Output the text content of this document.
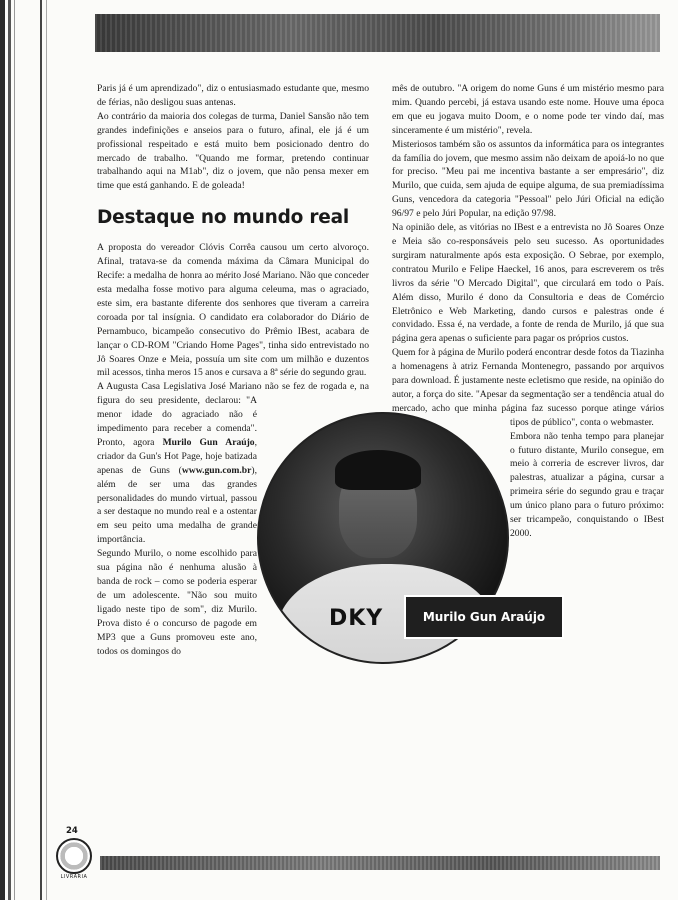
Paris já é um aprendizado", diz o entusiasmado estudante que, mesmo de férias, não desligou suas antenas.

Ao contrário da maioria dos colegas de turma, Daniel Sansão não tem grandes indefinições e anseios para o futuro, afinal, ele já é um profissional respeitado e está muito bem posicionado dentro do mercado de trabalho. "Quando me formar, pretendo continuar trabalhando aqui na M1ab", diz o jovem, que não pensa mexer em time que está ganhando. E de goleada!

Destaque no mundo real

A proposta do vereador Clóvis Corrêa causou um certo alvoroço. Afinal, tratava-se da comenda máxima da Câmara Municipal do Recife: a medalha de honra ao mérito José Mariano. Não que conceder esta medalha fosse motivo para alguma celeuma, mas o agraciado, este sim, era bastante diferente dos senhores que tiveram a carreira coroada por tal insígnia. O candidato era colaborador do Diário de Pernambuco, bicampeão consecutivo do Prêmio IBest, acabara de lançar o CD-ROM "Criando Home Pages", tinha sido entrevistado no Jô Soares Onze e Meia, possuía um site com um milhão e duzentos mil acessos, tinha meros 15 anos e cursava a 8ª série do segundo grau.

A Augusta Casa Legislativa José Mariano não se fez de rogada e, na figura do seu presidente, declarou: "A menor idade do agraciado não é impedimento para receber a comenda". Pronto, agora Murilo Gun Araújo, criador da Gun's Hot Page, hoje batizada apenas de Guns (www.gun.com.br), além de ser uma das grandes personalidades do mundo virtual, passou a ser destaque no mundo real e a ostentar em seu peito uma medalha de grande importância.

Segundo Murilo, o nome escolhido para sua página não é nenhuma alusão à banda de rock – como se poderia esperar de um adolescente. "Não sou muito ligado neste tipo de som", diz Murilo. Prova disto é o concurso de pagode em MP3 que a Guns promoveu este ano, todos os domingos do

mês de outubro. "A origem do nome Guns é um mistério mesmo para mim. Quando percebi, já estava usando este nome. Houve uma época em que eu jogava muito Doom, e o nome pode ter vindo daí, mas sinceramente é um mistério", revela.

Misteriosos também são os assuntos da informática para os integrantes da família do jovem, que mesmo assim não deixam de apoiá-lo no que for preciso. "Meu pai me incentiva bastante a ser empresário", diz Murilo, que cuida, sem ajuda de equipe alguma, de sua premiadíssima Guns, vencedora da categoria "Pessoal" pelo Júri Oficial na edição 96/97 e pelo Júri Popular, na edição 97/98.

Na opinião dele, as vitórias no IBest e a entrevista no Jô Soares Onze e Meia são co-responsáveis pelo seu sucesso. As oportunidades surgiram naturalmente após esta exposição. O Sebrae, por exemplo, contratou Murilo e Felipe Haeckel, 16 anos, para escreverem os três livros da série "O Mercado Digital", que circulará em todo o País. Além disso, Murilo é dono da Consultoria e deas de Comércio Eletrônico e Web Marketing, dando cursos e palestras onde é convidado. Essa é, na verdade, a fonte de renda de Murilo, já que sua página gera apenas o suficiente para pagar os próprios custos.

Quem for à página de Murilo poderá encontrar desde fotos da Tiazinha a homenagens à atriz Fernanda Montenegro, passando por arquivos para download. É justamente neste ecletismo que reside, na opinião do autor, a força do site. "Apesar da segmentação ser a tendência atual do mercado, acho que minha página faz sucesso porque atinge vários tipos de público", conta o webmaster.

Embora não tenha tempo para planejar o futuro distante, Murilo consegue, em meio à correria de escrever livros, dar palestras, atualizar a página, cursar a primeira série do segundo grau e traçar um único plano para o futuro próximo: ser tricampeão, conquistando o IBest 2000.

DKY	Murilo Gun Araújo
24
LIVRARIA
